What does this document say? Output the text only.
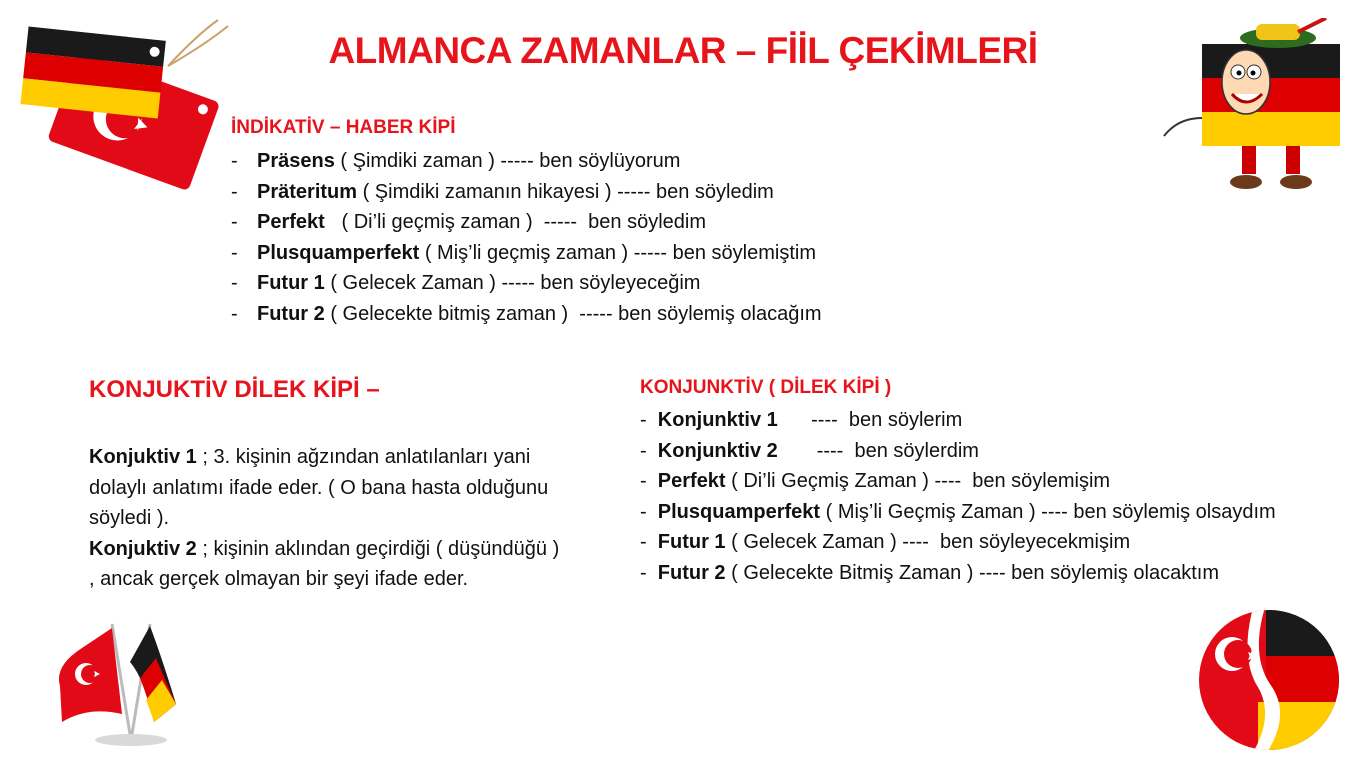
ALMANCA ZAMANLAR – FİİL ÇEKİMLERİ
İNDİKATİV – HABER KİPİ
- Präsens ( Şimdiki zaman ) ----- ben söylüyorum
- Präteritum ( Şimdiki zamanın hikayesi ) ----- ben söyledim
- Perfekt   ( Di’li geçmiş zaman )  -----  ben söyledim
- Plusquamperfekt ( Miş’li geçmiş zaman ) ----- ben söylemiştim
- Futur 1 ( Gelecek Zaman ) ----- ben söyleyeceğim
- Futur 2 ( Gelecekte bitmiş zaman )  ----- ben söylemiş olacağım
KONJUKTİV DİLEK KİPİ –

Konjuktiv 1 ; 3. kişinin ağzından anlatılanları yani dolaylı anlatımı ifade eder. ( O bana hasta olduğunu söyledi ).

Konjuktiv 2 ; kişinin aklından geçirdiği ( düşündüğü ) , ancak gerçek olmayan bir şeyi ifade eder.

KONJUNKTİV ( DİLEK KİPİ )

-  Konjunktiv 1      ----  ben söylerim

-  Konjunktiv 2       ----  ben söylerdim

-  Perfekt ( Di’li Geçmiş Zaman ) ----  ben söylemişim

-  Plusquamperfekt ( Miş’li Geçmiş Zaman ) ---- ben söylemiş olsaydım

-  Futur 1 ( Gelecek Zaman ) ----  ben söyleyecekmişim

-  Futur 2 ( Gelecekte Bitmiş Zaman ) ---- ben söylemiş olacaktım
